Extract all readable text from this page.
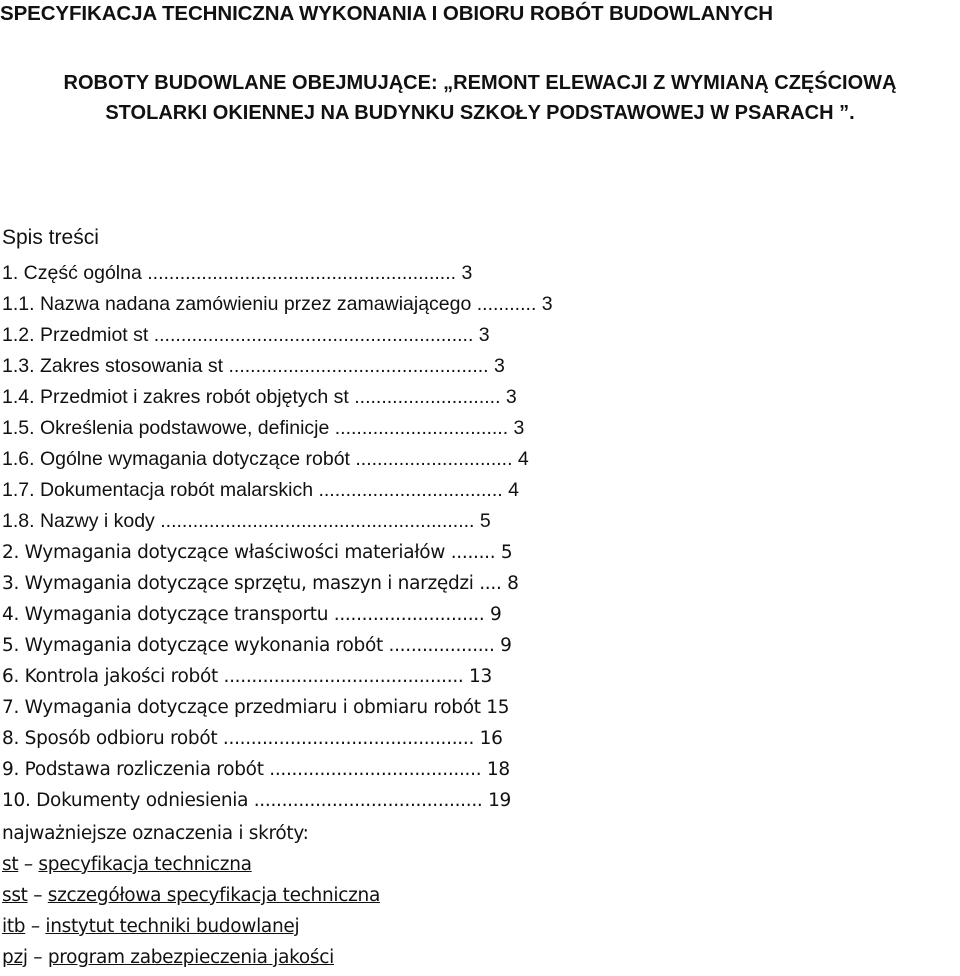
SPECYFIKACJA TECHNICZNA WYKONANIA I OBIORU ROBÓT BUDOWLANYCH
ROBOTY BUDOWLANE OBEJMUJĄCE: „REMONT ELEWACJI Z WYMIANĄ CZĘŚCIOWĄ
STOLARKI OKIENNEJ NA BUDYNKU SZKOŁY PODSTAWOWEJ W PSARACH ”.
Spis treści
1. Część ogólna ......................................................... 3
1.1. Nazwa nadana zamówieniu przez zamawiającego ........... 3
1.2. Przedmiot st ........................................................... 3
1.3. Zakres stosowania st ................................................ 3
1.4. Przedmiot i zakres robót objętych st ........................... 3
1.5. Określenia podstawowe, definicje ................................ 3
1.6. Ogólne wymagania dotyczące robót ............................. 4
1.7. Dokumentacja robót malarskich .................................. 4
1.8. Nazwy i kody .......................................................... 5
2. Wymagania dotyczące właściwości materiałów ........ 5
3. Wymagania dotyczące sprzętu, maszyn i narzędzi .... 8
4. Wymagania dotyczące transportu ........................... 9
5. Wymagania dotyczące wykonania robót ................... 9
6. Kontrola jakości robót ........................................... 13
7. Wymagania dotyczące przedmiaru i obmiaru robót 15
8. Sposób odbioru robót ............................................. 16
9. Podstawa rozliczenia robót ...................................... 18
10. Dokumenty odniesienia ......................................... 19
najważniejsze oznaczenia i skróty:
st – specyfikacja techniczna
sst – szczegółowa specyfikacja techniczna
itb – instytut techniki budowlanej
pzj – program zabezpieczenia jakości
